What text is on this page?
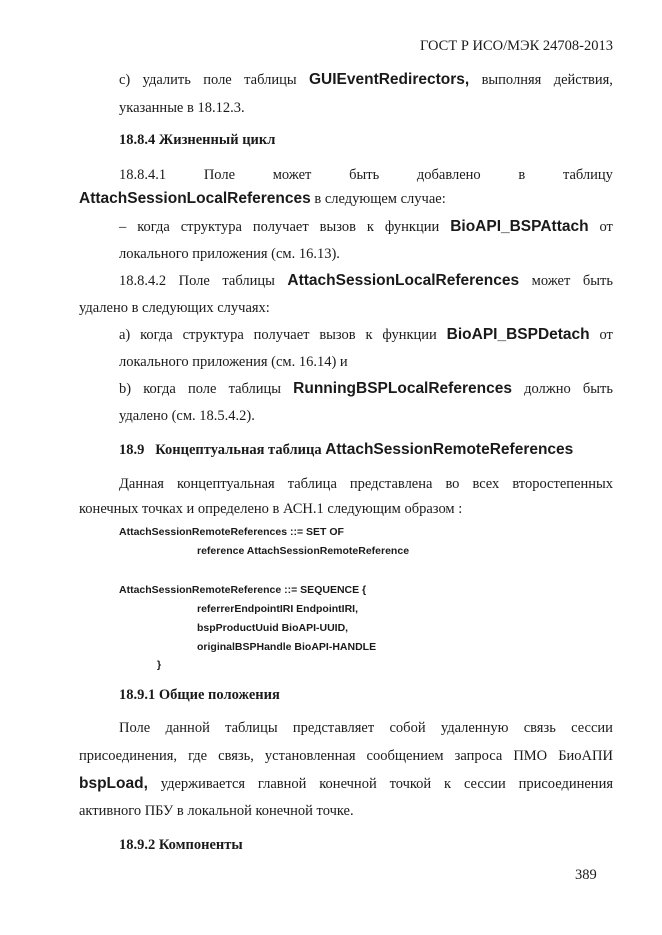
ГОСТ Р ИСО/МЭК 24708-2013
с) удалить поле таблицы GUIEventRedirectors, выполняя действия,
указанные в 18.12.3.
18.8.4 Жизненный цикл
18.8.4.1	Поле	может	быть	добавлено	в	таблицу
AttachSessionLocalReferences в следующем случае:
– когда структура получает вызов к функции BioAPI_BSPAttach от
локального приложения (см. 16.13).
18.8.4.2 Поле таблицы AttachSessionLocalReferences может быть
удалено в следующих случаях:
а) когда структура получает вызов к функции BioAPI_BSPDetach от
локального приложения (см. 16.14) и
b) когда поле таблицы RunningBSPLocalReferences должно быть
удалено (см. 18.5.4.2).
18.9 Концептуальная таблица AttachSessionRemoteReferences
Данная концептуальная таблица представлена во всех второстепенных
конечных точках и определено в АСН.1 следующим образом :
AttachSessionRemoteReferences ::= SET OF
reference AttachSessionRemoteReference
AttachSessionRemoteReference ::= SEQUENCE {
referrerEndpointIRI EndpointIRI,
bspProductUuid BioAPI-UUID,
originalBSPHandle BioAPI-HANDLE
}
18.9.1 Общие положения
Поле данной таблицы представляет собой удаленную связь сессии
присоединения, где связь, установленная сообщением запроса ПМО БиоАПИ
bspLoad, удерживается главной конечной точкой к сессии присоединения
активного ПБУ в локальной конечной точке.
18.9.2 Компоненты
389
